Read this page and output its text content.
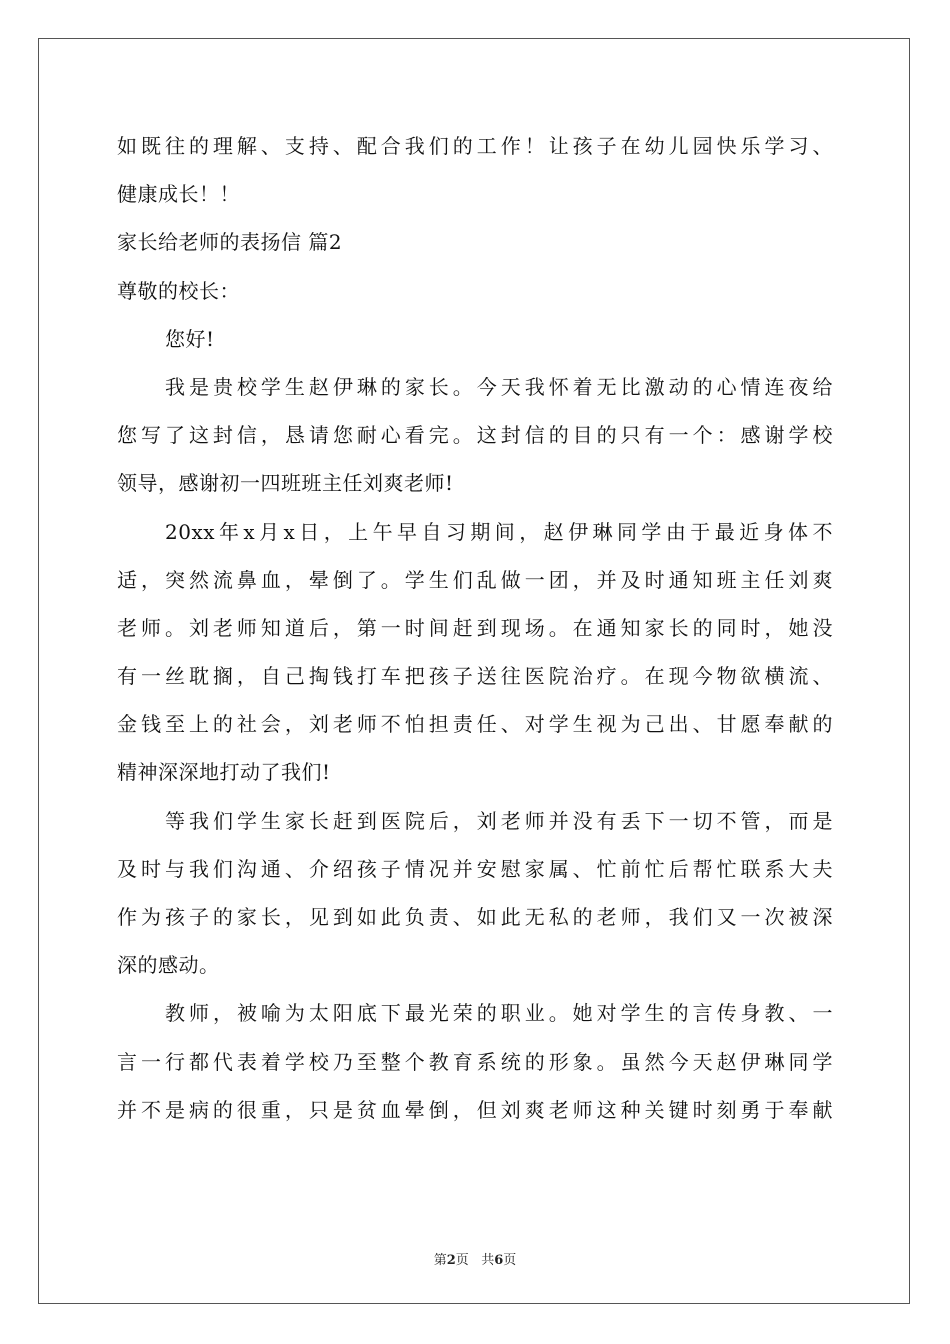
如既往的理解、支持、配合我们的工作！让孩子在幼儿园快乐学习、
健康成长！！
家长给老师的表扬信 篇2
尊敬的校长：
您好!
我是贵校学生赵伊琳的家长。今天我怀着无比激动的心情连夜给
您写了这封信，恳请您耐心看完。这封信的目的只有一个：感谢学校
领导，感谢初一四班班主任刘爽老师!
20xx年x月x日，上午早自习期间，赵伊琳同学由于最近身体不
适，突然流鼻血，晕倒了。学生们乱做一团，并及时通知班主任刘爽
老师。刘老师知道后，第一时间赶到现场。在通知家长的同时，她没
有一丝耽搁，自己掏钱打车把孩子送往医院治疗。在现今物欲横流、
金钱至上的社会，刘老师不怕担责任、对学生视为己出、甘愿奉献的
精神深深地打动了我们!
等我们学生家长赶到医院后，刘老师并没有丢下一切不管，而是
及时与我们沟通、介绍孩子情况并安慰家属、忙前忙后帮忙联系大夫
作为孩子的家长，见到如此负责、如此无私的老师，我们又一次被深
深的感动。
教师，被喻为太阳底下最光荣的职业。她对学生的言传身教、一
言一行都代表着学校乃至整个教育系统的形象。虽然今天赵伊琳同学
并不是病的很重，只是贫血晕倒，但刘爽老师这种关键时刻勇于奉献
第2页 共6页
